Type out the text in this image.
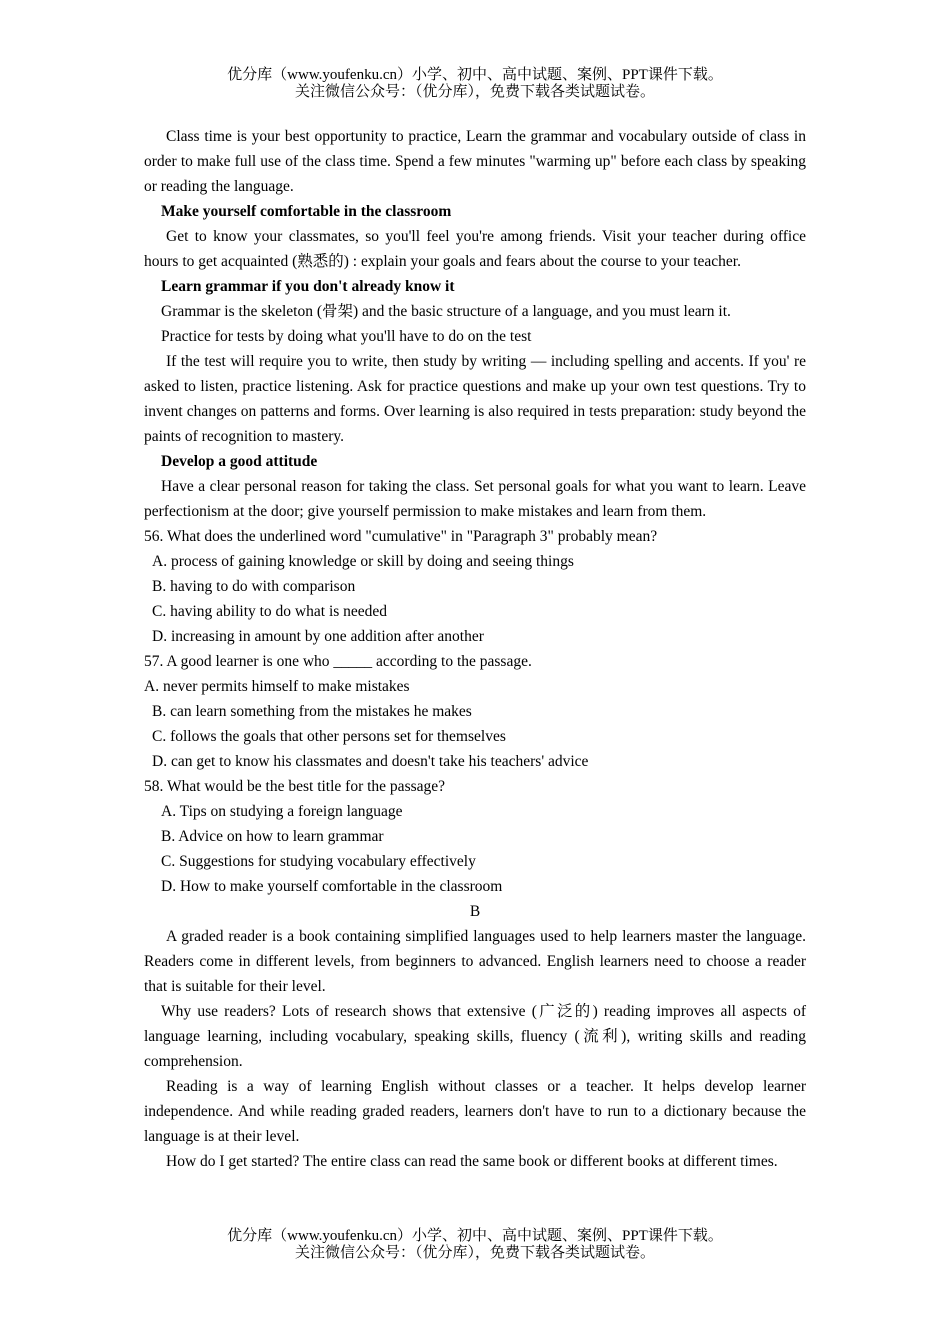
优分库（www.youfenku.cn）小学、初中、高中试题、案例、PPT课件下载。
关注微信公众号：（优分库），免费下载各类试题试卷。

Class time is your best opportunity to practice, Learn the grammar and vocabulary outside of class in order to make full use of the class time. Spend a few minutes "warming up" before each class by speaking or reading the language.

Make yourself comfortable in the classroom

Get to know your classmates, so you'll feel you're among friends. Visit your teacher during office hours to get acquainted (熟悉的) : explain your goals and fears about the course to your teacher.

Learn grammar if you don't already know it

Grammar is the skeleton (骨架) and the basic structure of a language, and you must learn it.

Practice for tests by doing what you'll have to do on the test

If the test will require you to write, then study by writing — including spelling and accents. If you' re asked to listen, practice listening. Ask for practice questions and make up your own test questions. Try to invent changes on patterns and forms. Over learning is also required in tests preparation: study beyond the paints of recognition to mastery.

Develop a good attitude

Have a clear personal reason for taking the class. Set personal goals for what you want to learn. Leave perfectionism at the door; give yourself permission to make mistakes and learn from them.

56. What does the underlined word "cumulative" in "Paragraph 3" probably mean?

A. process of gaining knowledge or skill by doing and seeing things

B. having to do with comparison

C. having ability to do what is needed

D. increasing in amount by one addition after another

57. A good learner is one who _____ according to the passage.

A. never permits himself to make mistakes

B. can learn something from the mistakes he makes

C. follows the goals that other persons set for themselves

D. can get to know his classmates and doesn't take his teachers' advice

58. What would be the best title for the passage?

A. Tips on studying a foreign language

B. Advice on how to learn grammar

C. Suggestions for studying vocabulary effectively

D. How to make yourself comfortable in the classroom

B

A graded reader is a book containing simplified languages used to help learners master the language. Readers come in different levels, from beginners to advanced. English learners need to choose a reader that is suitable for their level.

Why use readers? Lots of research shows that extensive (广泛的) reading improves all aspects of language learning, including vocabulary, speaking skills, fluency (流利), writing skills and reading comprehension.

Reading is a way of learning English without classes or a teacher. It helps develop learner independence. And while reading graded readers, learners don't have to run to a dictionary because the language is at their level.

How do I get started? The entire class can read the same book or different books at different times.

优分库（www.youfenku.cn）小学、初中、高中试题、案例、PPT课件下载。
关注微信公众号：（优分库），免费下载各类试题试卷。
